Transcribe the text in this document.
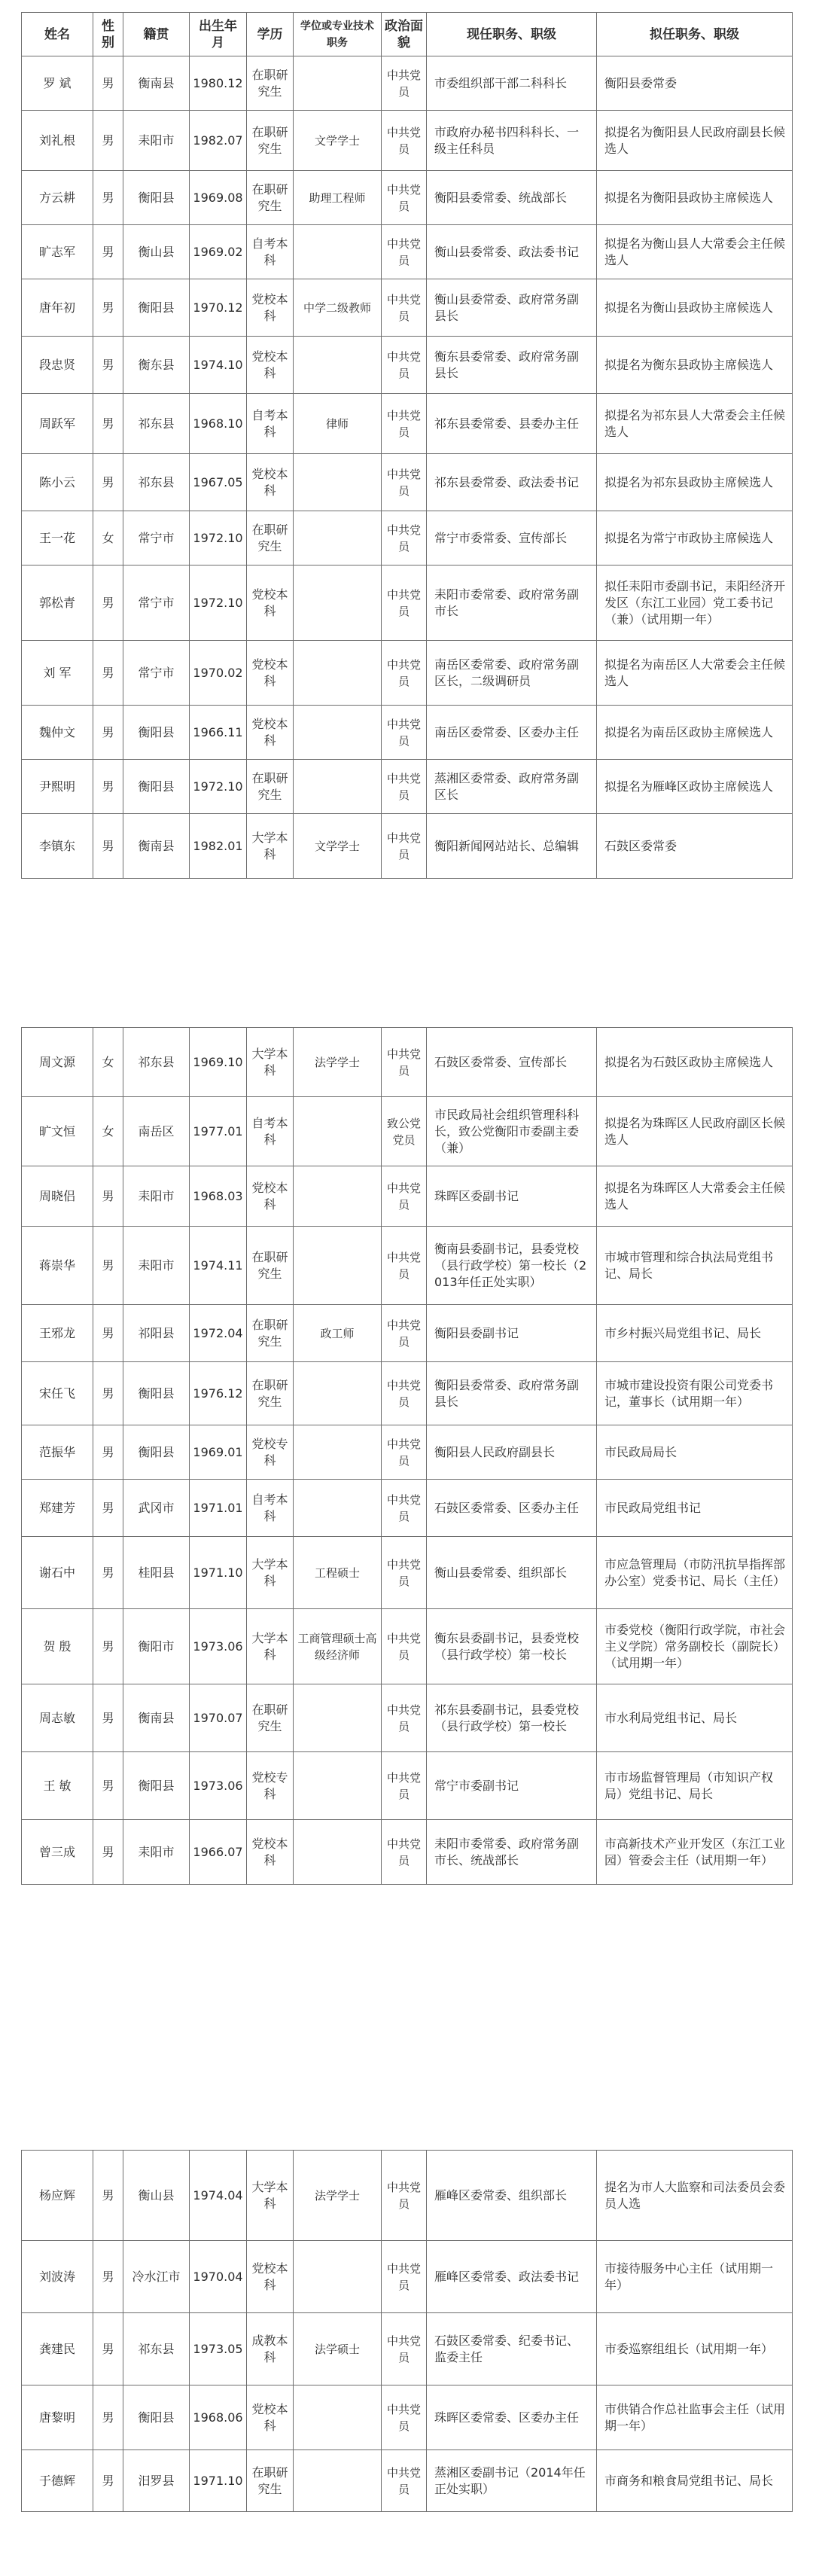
姓名	性别	籍贯	出生年月	学历	学位或专业技术职务	政治面貌	现任职务、职级	拟任职务、职级
罗 斌	男	衡南县	1980.12	在职研究生		中共党员	市委组织部干部二科科长	衡阳县委常委
刘礼根	男	耒阳市	1982.07	在职研究生	文学学士	中共党员	市政府办秘书四科科长、一级主任科员	拟提名为衡阳县人民政府副县长候选人
方云耕	男	衡阳县	1969.08	在职研究生	助理工程师	中共党员	衡阳县委常委、统战部长	拟提名为衡阳县政协主席候选人
旷志军	男	衡山县	1969.02	自考本科		中共党员	衡山县委常委、政法委书记	拟提名为衡山县人大常委会主任候选人
唐年初	男	衡阳县	1970.12	党校本科	中学二级教师	中共党员	衡山县委常委、政府常务副县长	拟提名为衡山县政协主席候选人
段忠贤	男	衡东县	1974.10	党校本科		中共党员	衡东县委常委、政府常务副县长	拟提名为衡东县政协主席候选人
周跃军	男	祁东县	1968.10	自考本科	律师	中共党员	祁东县委常委、县委办主任	拟提名为祁东县人大常委会主任候选人
陈小云	男	祁东县	1967.05	党校本科		中共党员	祁东县委常委、政法委书记	拟提名为祁东县政协主席候选人
王一花	女	常宁市	1972.10	在职研究生		中共党员	常宁市委常委、宣传部长	拟提名为常宁市政协主席候选人
郭松青	男	常宁市	1972.10	党校本科		中共党员	耒阳市委常委、政府常务副市长	拟任耒阳市委副书记，耒阳经济开发区（东江工业园）党工委书记（兼）（试用期一年）
刘 军	男	常宁市	1970.02	党校本科		中共党员	南岳区委常委、政府常务副区长，二级调研员	拟提名为南岳区人大常委会主任候选人
魏仲文	男	衡阳县	1966.11	党校本科		中共党员	南岳区委常委、区委办主任	拟提名为南岳区政协主席候选人
尹熙明	男	衡阳县	1972.10	在职研究生		中共党员	蒸湘区委常委、政府常务副区长	拟提名为雁峰区政协主席候选人
李镇东	男	衡南县	1982.01	大学本科	文学学士	中共党员	衡阳新闻网站站长、总编辑	石鼓区委常委
周文源	女	祁东县	1969.10	大学本科	法学学士	中共党员	石鼓区委常委、宣传部长	拟提名为石鼓区政协主席候选人
旷文恒	女	南岳区	1977.01	自考本科		致公党党员	市民政局社会组织管理科科长，致公党衡阳市委副主委（兼）	拟提名为珠晖区人民政府副区长候选人
周晓侣	男	耒阳市	1968.03	党校本科		中共党员	珠晖区委副书记	拟提名为珠晖区人大常委会主任候选人
蒋崇华	男	耒阳市	1974.11	在职研究生		中共党员	衡南县委副书记，县委党校（县行政学校）第一校长（2013年任正处实职）	市城市管理和综合执法局党组书记、局长
王邪龙	男	祁阳县	1972.04	在职研究生	政工师	中共党员	衡阳县委副书记	市乡村振兴局党组书记、局长
宋任飞	男	衡阳县	1976.12	在职研究生		中共党员	衡阳县委常委、政府常务副县长	市城市建设投资有限公司党委书记，董事长（试用期一年）
范振华	男	衡阳县	1969.01	党校专科		中共党员	衡阳县人民政府副县长	市民政局局长
郑建芳	男	武冈市	1971.01	自考本科		中共党员	石鼓区委常委、区委办主任	市民政局党组书记
谢石中	男	桂阳县	1971.10	大学本科	工程硕士	中共党员	衡山县委常委、组织部长	市应急管理局（市防汛抗旱指挥部办公室）党委书记、局长（主任）
贺 殷	男	衡阳市	1973.06	大学本科	工商管理硕士高级经济师	中共党员	衡东县委副书记，县委党校（县行政学校）第一校长	市委党校（衡阳行政学院，市社会主义学院）常务副校长（副院长）（试用期一年）
周志敏	男	衡南县	1970.07	在职研究生		中共党员	祁东县委副书记，县委党校（县行政学校）第一校长	市水利局党组书记、局长
王 敏	男	衡阳县	1973.06	党校专科		中共党员	常宁市委副书记	市市场监督管理局（市知识产权局）党组书记、局长
曾三成	男	耒阳市	1966.07	党校本科		中共党员	耒阳市委常委、政府常务副市长、统战部长	市高新技术产业开发区（东江工业园）管委会主任（试用期一年）
杨应辉	男	衡山县	1974.04	大学本科	法学学士	中共党员	雁峰区委常委、组织部长	提名为市人大监察和司法委员会委员人选
刘波涛	男	冷水江市	1970.04	党校本科		中共党员	雁峰区委常委、政法委书记	市接待服务中心主任（试用期一年）
龚建民	男	祁东县	1973.05	成教本科	法学硕士	中共党员	石鼓区委常委、纪委书记、监委主任	市委巡察组组长（试用期一年）
唐黎明	男	衡阳县	1968.06	党校本科		中共党员	珠晖区委常委、区委办主任	市供销合作总社监事会主任（试用期一年）
于德辉	男	汨罗县	1971.10	在职研究生		中共党员	蒸湘区委副书记（2014年任正处实职）	市商务和粮食局党组书记、局长
